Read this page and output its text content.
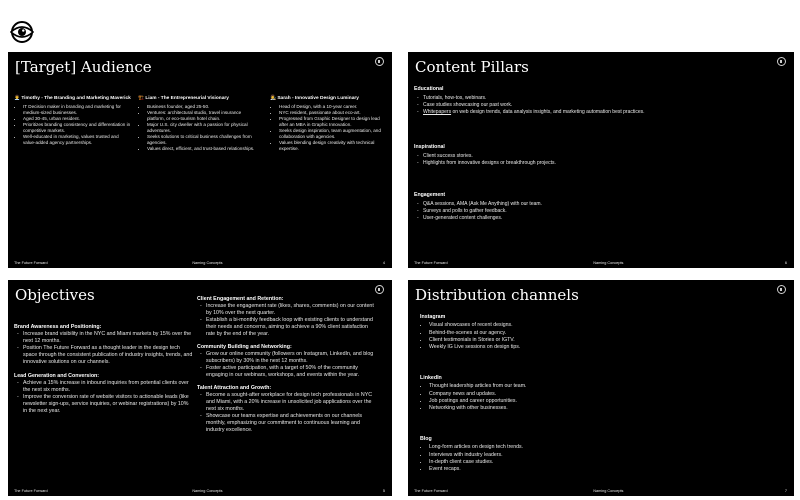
[Target] Audience
👨‍💼 Timothy - The Branding and Marketing Maverick
• IT Decision maker in branding and marketing for medium-sized businesses.
• Aged 30-45, urban resident.
• Prioritizes branding consistency and differentiation in competitive markets.
• Well-educated in marketing, values trusted and value-added agency partnerships.
🏗️ Liam - The Entrepreneurial Visionary
• Business founder, aged 25-50.
• Ventures: architectural studio, travel insurance platform, or eco-tourism hotel chain.
• Major U.S. city dweller with a passion for physical adventures.
• Seeks solutions to critical business challenges from agencies.
• Values direct, efficient, and trust-based relationships.
👩‍🎨 Sarah - Innovative Design Luminary
• Head of Design, with a 10-year career.
• NYC resident, passionate about eco-art.
• Progressed from Graphic Designer to design lead after an MBA in Graphic Innovation.
• Seeks design inspiration, team augmentation, and collaboration with agencies.
• Values blending design creativity with technical expertise.
The Future Forward	Naming Concepts	4
Content Pillars
Educational
- Tutorials, how-tos, webinars.
- Case studies showcasing our past work.
- Whitepapers on web design trends, data analysis insights, and marketing automation best practices.
Inspirational
- Client success stories.
- Highlights from innovative designs or breakthrough projects.
Engagement
- Q&A sessions, AMA (Ask Me Anything) with our team.
- Surveys and polls to gather feedback.
- User-generated content challenges.
The Future Forward	Naming Concepts	6
Objectives
Brand Awareness and Positioning:
- Increase brand visibility in the NYC and Miami markets by 15% over the next 12 months.
- Position The Future Forward as a thought leader in the design tech space through the consistent publication of industry insights, trends, and innovative solutions on our channels.
Lead Generation and Conversion:
- Achieve a 15% increase in inbound inquiries from potential clients over the next six months.
- Improve the conversion rate of website visitors to actionable leads (like newsletter sign-ups, service inquiries, or webinar registrations) by 10% in the next year.
Client Engagement and Retention:
- Increase the engagement rate (likes, shares, comments) on our content by 10% over the next quarter.
- Establish a bi-monthly feedback loop with existing clients to understand their needs and concerns, aiming to achieve a 90% client satisfaction rate by the end of the year.
Community Building and Networking:
- Grow our online community (followers on Instagram, LinkedIn, and blog subscribers) by 30% in the next 12 months.
- Foster active participation, with a target of 50% of the community engaging in our webinars, workshops, and events within the year.
Talent Attraction and Growth:
- Become a sought-after workplace for design tech professionals in NYC and Miami, with a 20% increase in unsolicited job applications over the next six months.
- Showcase our teams expertise and achievements on our channels monthly, emphasizing our commitment to continuous learning and industry excellence.
The Future Forward	Naming Concepts	5
Distribution channels
Instagram
• Visual showcases of recent designs.
• Behind-the-scenes at our agency.
• Client testimonials in Stories or IGTV.
• Weekly IG Live sessions on design tips.
LinkedIn
• Thought leadership articles from our team.
• Company news and updates.
• Job postings and career opportunities.
• Networking with other businesses.
Blog
• Long-form articles on design tech trends.
• Interviews with industry leaders.
• In-depth client case studies.
• Event recaps.
The Future Forward	Naming Concepts	7
